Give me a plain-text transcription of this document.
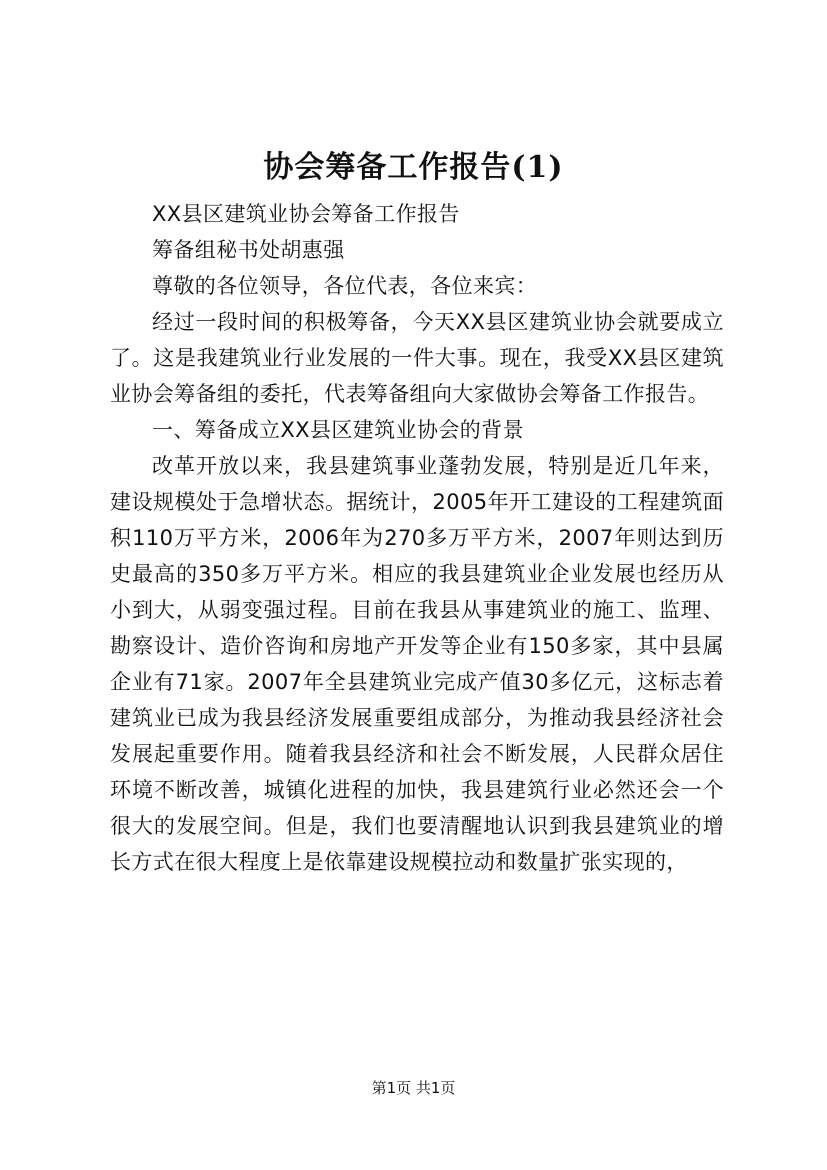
协会筹备工作报告(1)

XX县区建筑业协会筹备工作报告

筹备组秘书处胡惠强

尊敬的各位领导，各位代表，各位来宾：

经过一段时间的积极筹备，今天XX县区建筑业协会就要成立了。这是我建筑业行业发展的一件大事。现在，我受XX县区建筑业协会筹备组的委托，代表筹备组向大家做协会筹备工作报告。

一、筹备成立XX县区建筑业协会的背景

改革开放以来，我县建筑事业蓬勃发展，特别是近几年来，建设规模处于急增状态。据统计，2005年开工建设的工程建筑面积110万平方米，2006年为270多万平方米，2007年则达到历史最高的350多万平方米。相应的我县建筑业企业发展也经历从小到大，从弱变强过程。目前在我县从事建筑业的施工、监理、勘察设计、造价咨询和房地产开发等企业有150多家，其中县属企业有71家。2007年全县建筑业完成产值30多亿元，这标志着建筑业已成为我县经济发展重要组成部分，为推动我县经济社会发展起重要作用。随着我县经济和社会不断发展，人民群众居住环境不断改善，城镇化进程的加快，我县建筑行业必然还会一个很大的发展空间。但是，我们也要清醒地认识到我县建筑业的增长方式在很大程度上是依靠建设规模拉动和数量扩张实现的，

第1页 共1页
